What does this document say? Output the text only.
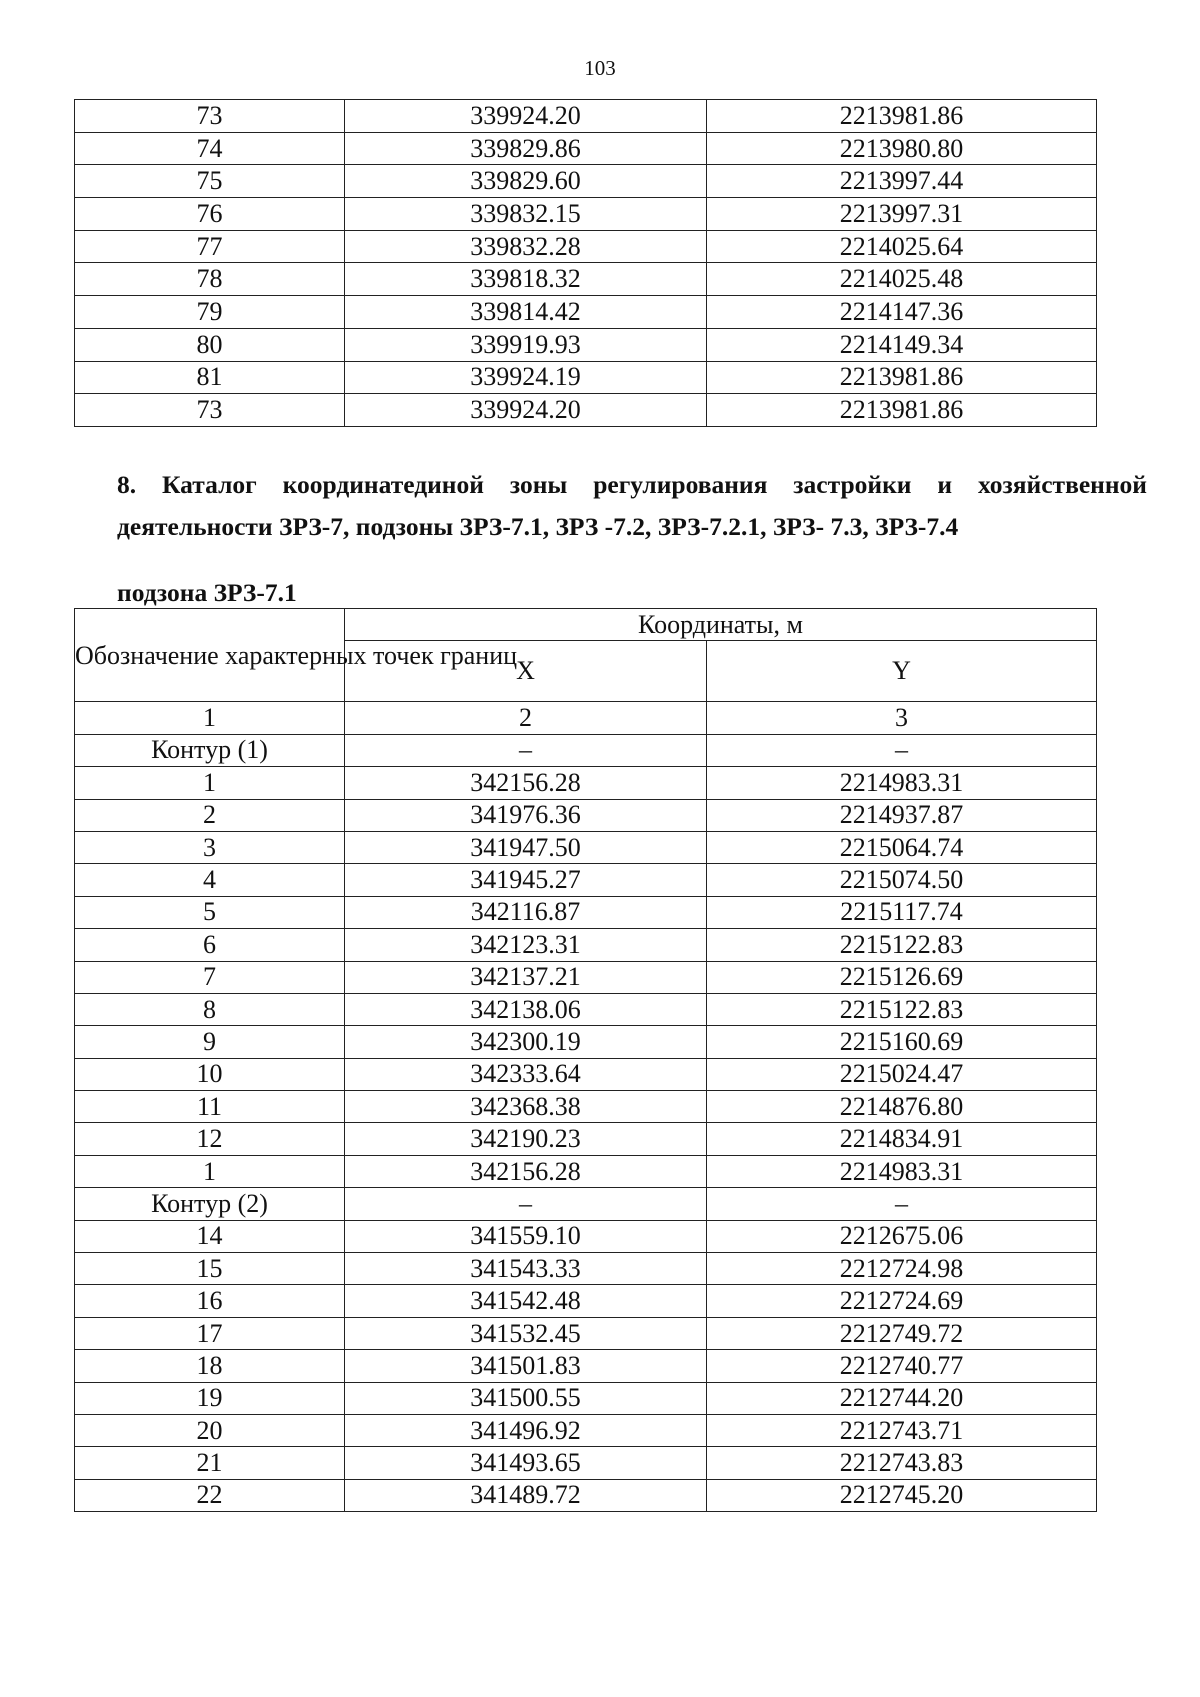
103
73	339924.20	2213981.86
74	339829.86	2213980.80
75	339829.60	2213997.44
76	339832.15	2213997.31
77	339832.28	2214025.64
78	339818.32	2214025.48
79	339814.42	2214147.36
80	339919.93	2214149.34
81	339924.19	2213981.86
73	339924.20	2213981.86
8. Каталог координатединой зоны регулирования застройки и хозяйственной
деятельности ЗРЗ-7, подзоны ЗРЗ-7.1, ЗРЗ -7.2, ЗРЗ-7.2.1, ЗРЗ- 7.3, ЗРЗ-7.4
подзона ЗРЗ-7.1
Обозначение характерных точек границ	Координаты, м	
	X	Y
1	2	3
Контур (1)	–	–
1	342156.28	2214983.31
2	341976.36	2214937.87
3	341947.50	2215064.74
4	341945.27	2215074.50
5	342116.87	2215117.74
6	342123.31	2215122.83
7	342137.21	2215126.69
8	342138.06	2215122.83
9	342300.19	2215160.69
10	342333.64	2215024.47
11	342368.38	2214876.80
12	342190.23	2214834.91
1	342156.28	2214983.31
Контур (2)	–	–
14	341559.10	2212675.06
15	341543.33	2212724.98
16	341542.48	2212724.69
17	341532.45	2212749.72
18	341501.83	2212740.77
19	341500.55	2212744.20
20	341496.92	2212743.71
21	341493.65	2212743.83
22	341489.72	2212745.20
